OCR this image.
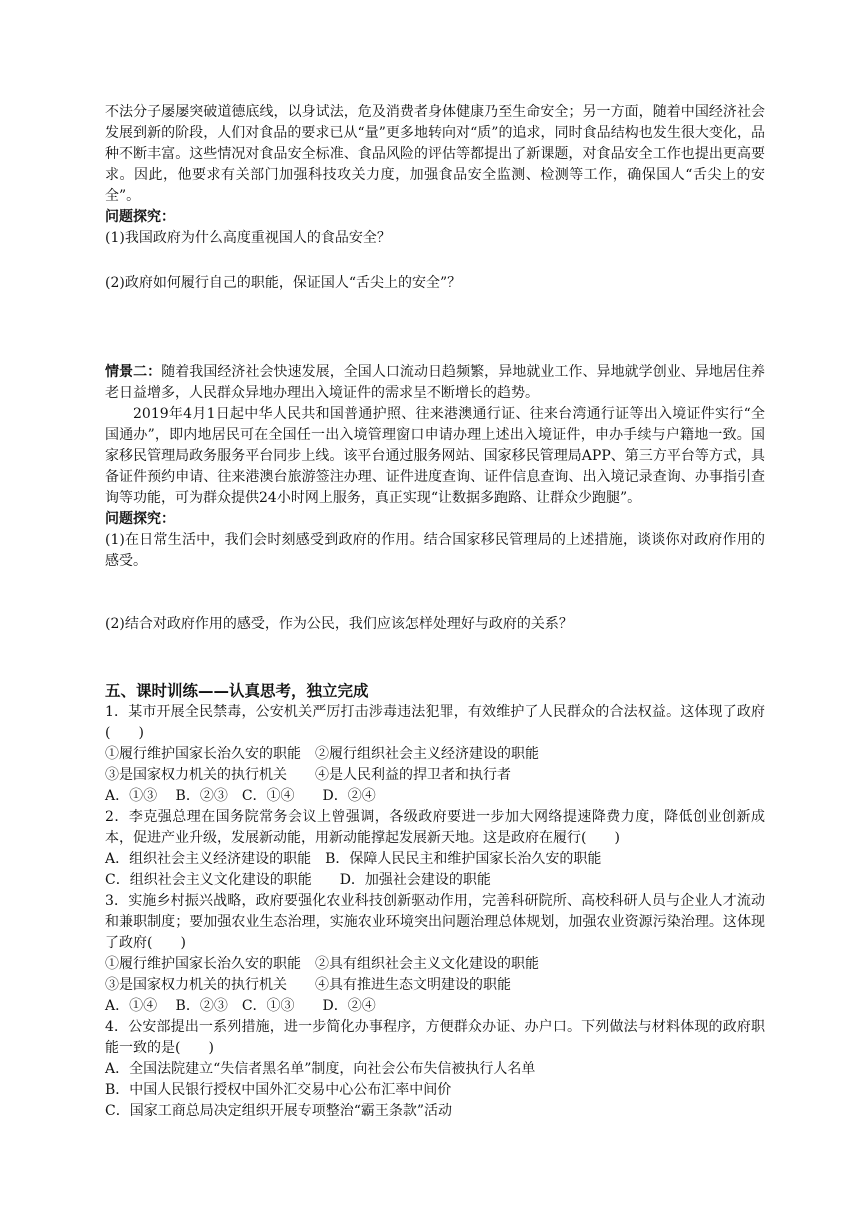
不法分子屡屡突破道德底线，以身试法，危及消费者身体健康乃至生命安全；另一方面，随着中国经济社会发展到新的阶段，人们对食品的要求已从“量”更多地转向对“质”的追求，同时食品结构也发生很大变化，品种不断丰富。这些情况对食品安全标准、食品风险的评估等都提出了新课题，对食品安全工作也提出更高要求。因此，他要求有关部门加强科技攻关力度，加强食品安全监测、检测等工作，确保国人“舌尖上的安全”。

问题探究：

(1)我国政府为什么高度重视国人的食品安全？

(2)政府如何履行自己的职能，保证国人“舌尖上的安全”？

情景二：随着我国经济社会快速发展，全国人口流动日趋频繁，异地就业工作、异地就学创业、异地居住养老日益增多，人民群众异地办理出入境证件的需求呈不断增长的趋势。

2019年4月1日起中华人民共和国普通护照、往来港澳通行证、往来台湾通行证等出入境证件实行“全国通办”，即内地居民可在全国任一出入境管理窗口申请办理上述出入境证件，申办手续与户籍地一致。国家移民管理局政务服务平台同步上线。该平台通过服务网站、国家移民管理局APP、第三方平台等方式，具备证件预约申请、往来港澳台旅游签注办理、证件进度查询、证件信息查询、出入境记录查询、办事指引查询等功能，可为群众提供24小时网上服务，真正实现“让数据多跑路、让群众少跑腿”。

问题探究：

(1)在日常生活中，我们会时刻感受到政府的作用。结合国家移民管理局的上述措施，谈谈你对政府作用的感受。

(2)结合对政府作用的感受，作为公民，我们应该怎样处理好与政府的关系？

五、课时训练——认真思考，独立完成

1．某市开展全民禁毒，公安机关严厉打击涉毒违法犯罪，有效维护了人民群众的合法权益。这体现了政府(　　)

①履行维护国家长治久安的职能　②履行组织社会主义经济建设的职能

③是国家权力机关的执行机关　　④是人民利益的捍卫者和执行者

A．①③　 B．②③　C．①④　　D．②④

2．李克强总理在国务院常务会议上曾强调，各级政府要进一步加大网络提速降费力度，降低创业创新成本，促进产业升级，发展新动能，用新动能撑起发展新天地。这是政府在履行(　　)

A．组织社会主义经济建设的职能　B．保障人民民主和维护国家长治久安的职能

C．组织社会主义文化建设的职能　　D．加强社会建设的职能

3．实施乡村振兴战略，政府要强化农业科技创新驱动作用，完善科研院所、高校科研人员与企业人才流动和兼职制度；要加强农业生态治理，实施农业环境突出问题治理总体规划，加强农业资源污染治理。这体现了政府(　　)

①履行维护国家长治久安的职能　②具有组织社会主义文化建设的职能

③是国家权力机关的执行机关　　④具有推进生态文明建设的职能

A．①④　 B．②③　C．①③　　D．②④

4．公安部提出一系列措施，进一步简化办事程序，方便群众办证、办户口。下列做法与材料体现的政府职能一致的是(　　)

A．全国法院建立“失信者黑名单”制度，向社会公布失信被执行人名单

B．中国人民银行授权中国外汇交易中心公布汇率中间价

C．国家工商总局决定组织开展专项整治“霸王条款”活动
